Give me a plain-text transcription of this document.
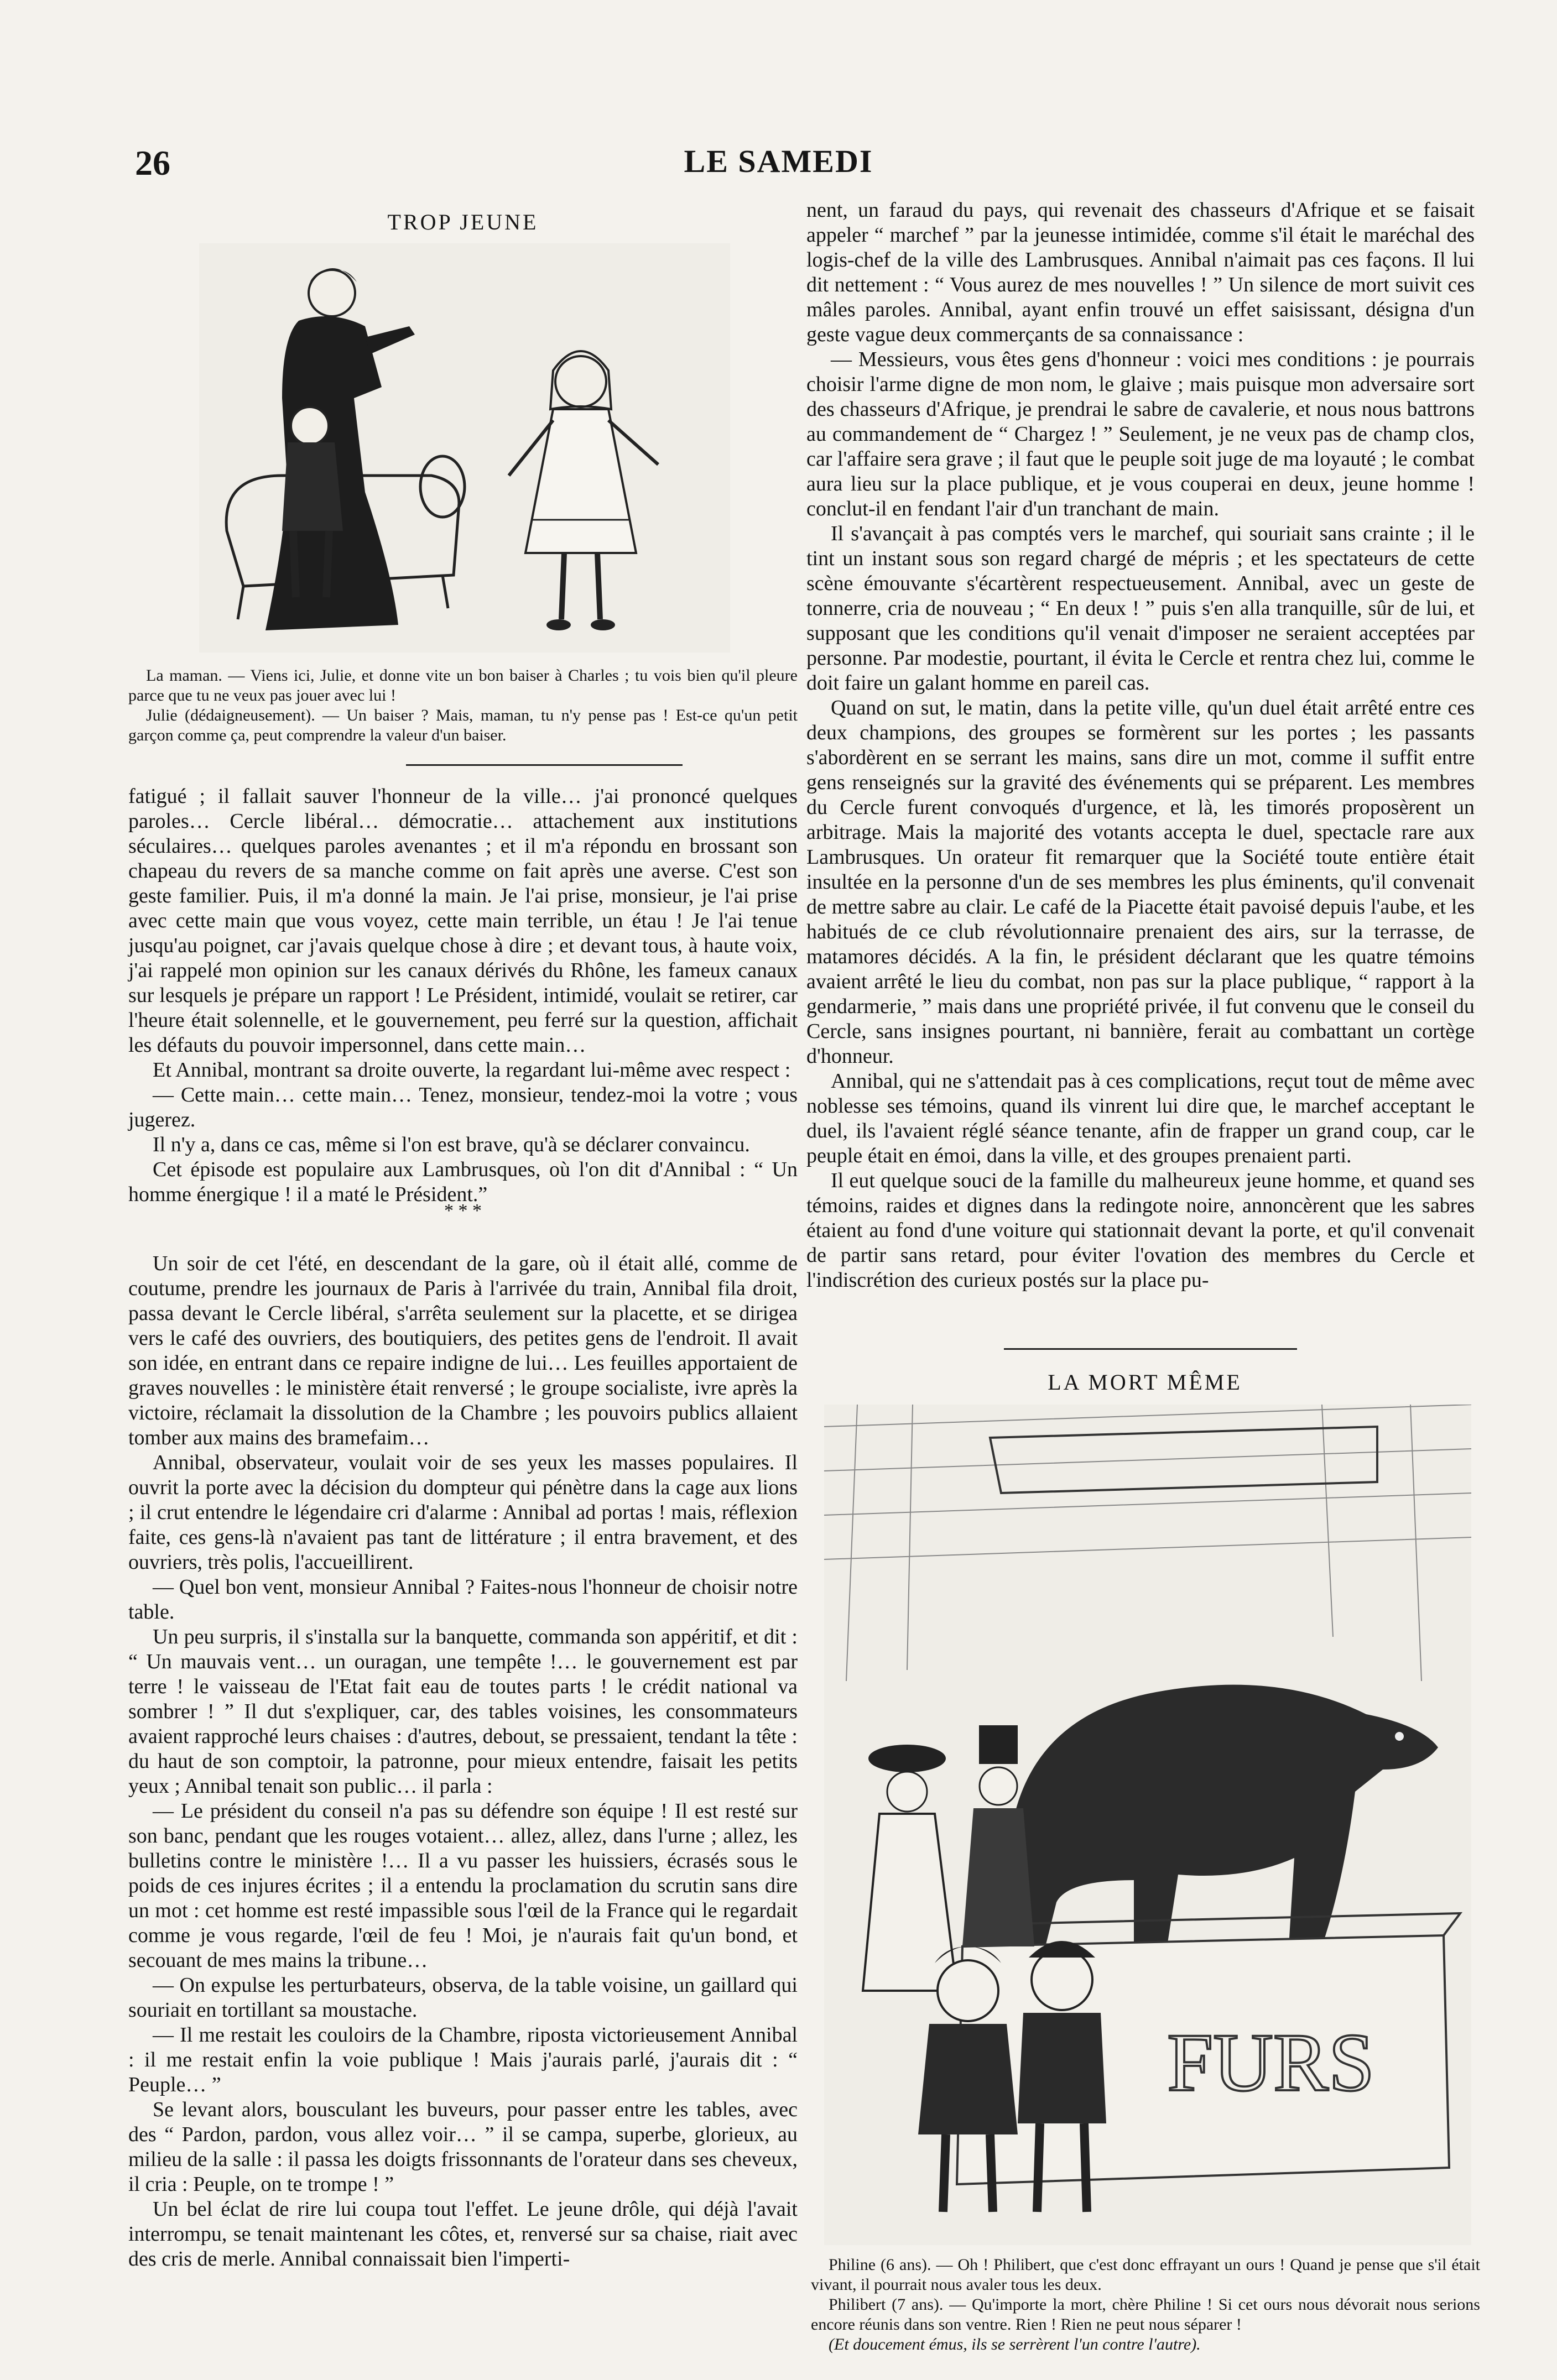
26	LE SAMEDI
TROP JEUNE

La maman. — Viens ici, Julie, et donne vite un bon baiser à Charles ; tu vois bien qu'il pleure parce que tu ne veux pas jouer avec lui !

Julie (dédaigneusement). — Un baiser ? Mais, maman, tu n'y pense pas ! Est-ce qu'un petit garçon comme ça, peut comprendre la valeur d'un baiser.

fatigué ; il fallait sauver l'honneur de la ville… j'ai prononcé quelques paroles… Cercle libéral… démocratie… attachement aux institutions séculaires… quelques paroles avenantes ; et il m'a répondu en brossant son chapeau du revers de sa manche comme on fait après une averse. C'est son geste familier. Puis, il m'a donné la main. Je l'ai prise, monsieur, je l'ai prise avec cette main que vous voyez, cette main terrible, un étau ! Je l'ai tenue jusqu'au poignet, car j'avais quelque chose à dire ; et devant tous, à haute voix, j'ai rappelé mon opinion sur les canaux dérivés du Rhône, les fameux canaux sur lesquels je prépare un rapport ! Le Président, intimidé, voulait se retirer, car l'heure était solennelle, et le gouvernement, peu ferré sur la question, affichait les défauts du pouvoir impersonnel, dans cette main…

Et Annibal, montrant sa droite ouverte, la regardant lui-même avec respect :

— Cette main… cette main… Tenez, monsieur, tendez-moi la votre ; vous jugerez.

Il n'y a, dans ce cas, même si l'on est brave, qu'à se déclarer convaincu.

Cet épisode est populaire aux Lambrusques, où l'on dit d'Annibal : “ Un homme énergique ! il a maté le Président.”

Un soir de cet l'été, en descendant de la gare, où il était allé, comme de coutume, prendre les journaux de Paris à l'arrivée du train, Annibal fila droit, passa devant le Cercle libéral, s'arrêta seulement sur la placette, et se dirigea vers le café des ouvriers, des boutiquiers, des petites gens de l'endroit. Il avait son idée, en entrant dans ce repaire indigne de lui… Les feuilles apportaient de graves nouvelles : le ministère était renversé ; le groupe socialiste, ivre après la victoire, réclamait la dissolution de la Chambre ; les pouvoirs publics allaient tomber aux mains des bramefaim…

Annibal, observateur, voulait voir de ses yeux les masses populaires. Il ouvrit la porte avec la décision du dompteur qui pénètre dans la cage aux lions ; il crut entendre le légendaire cri d'alarme : Annibal ad portas ! mais, réflexion faite, ces gens-là n'avaient pas tant de littérature ; il entra bravement, et des ouvriers, très polis, l'accueillirent.

— Quel bon vent, monsieur Annibal ? Faites-nous l'honneur de choisir notre table.

Un peu surpris, il s'installa sur la banquette, commanda son appéritif, et dit : “ Un mauvais vent… un ouragan, une tempête !… le gouvernement est par terre ! le vaisseau de l'Etat fait eau de toutes parts ! le crédit national va sombrer ! ” Il dut s'expliquer, car, des tables voisines, les consommateurs avaient rapproché leurs chaises : d'autres, debout, se pressaient, tendant la tête : du haut de son comptoir, la patronne, pour mieux entendre, faisait les petits yeux ; Annibal tenait son public… il parla :

— Le président du conseil n'a pas su défendre son équipe ! Il est resté sur son banc, pendant que les rouges votaient… allez, allez, dans l'urne ; allez, les bulletins contre le ministère !… Il a vu passer les huissiers, écrasés sous le poids de ces injures écrites ; il a entendu la proclamation du scrutin sans dire un mot : cet homme est resté impassible sous l'œil de la France qui le regardait comme je vous regarde, l'œil de feu ! Moi, je n'aurais fait qu'un bond, et secouant de mes mains la tribune…

— On expulse les perturbateurs, observa, de la table voisine, un gaillard qui souriait en tortillant sa moustache.

— Il me restait les couloirs de la Chambre, riposta victorieusement Annibal : il me restait enfin la voie publique ! Mais j'aurais parlé, j'aurais dit : “ Peuple… ”

Se levant alors, bousculant les buveurs, pour passer entre les tables, avec des “ Pardon, pardon, vous allez voir… ” il se campa, superbe, glorieux, au milieu de la salle : il passa les doigts frissonnants de l'orateur dans ses cheveux, il cria : Peuple, on te trompe ! ”

Un bel éclat de rire lui coupa tout l'effet. Le jeune drôle, qui déjà l'avait interrompu, se tenait maintenant les côtes, et, renversé sur sa chaise, riait avec des cris de merle. Annibal connaissait bien l'imperti-

* * *

nent, un faraud du pays, qui revenait des chasseurs d'Afrique et se faisait appeler “ marchef ” par la jeunesse intimidée, comme s'il était le maréchal des logis-chef de la ville des Lambrusques. Annibal n'aimait pas ces façons. Il lui dit nettement : “ Vous aurez de mes nouvelles ! ” Un silence de mort suivit ces mâles paroles. Annibal, ayant enfin trouvé un effet saisissant, désigna d'un geste vague deux commerçants de sa connaissance :

— Messieurs, vous êtes gens d'honneur : voici mes conditions : je pourrais choisir l'arme digne de mon nom, le glaive ; mais puisque mon adversaire sort des chasseurs d'Afrique, je prendrai le sabre de cavalerie, et nous nous battrons au commandement de “ Chargez ! ” Seulement, je ne veux pas de champ clos, car l'affaire sera grave ; il faut que le peuple soit juge de ma loyauté ; le combat aura lieu sur la place publique, et je vous couperai en deux, jeune homme ! conclut-il en fendant l'air d'un tranchant de main.

Il s'avançait à pas comptés vers le marchef, qui souriait sans crainte ; il le tint un instant sous son regard chargé de mépris ; et les spectateurs de cette scène émouvante s'écartèrent respectueusement. Annibal, avec un geste de tonnerre, cria de nouveau ; “ En deux ! ” puis s'en alla tranquille, sûr de lui, et supposant que les conditions qu'il venait d'imposer ne seraient acceptées par personne. Par modestie, pourtant, il évita le Cercle et rentra chez lui, comme le doit faire un galant homme en pareil cas.

Quand on sut, le matin, dans la petite ville, qu'un duel était arrêté entre ces deux champions, des groupes se formèrent sur les portes ; les passants s'abordèrent en se serrant les mains, sans dire un mot, comme il suffit entre gens renseignés sur la gravité des événements qui se préparent. Les membres du Cercle furent convoqués d'urgence, et là, les timorés proposèrent un arbitrage. Mais la majorité des votants accepta le duel, spectacle rare aux Lambrusques. Un orateur fit remarquer que la Société toute entière était insultée en la personne d'un de ses membres les plus éminents, qu'il convenait de mettre sabre au clair. Le café de la Piacette était pavoisé depuis l'aube, et les habitués de ce club révolutionnaire prenaient des airs, sur la terrasse, de matamores décidés. A la fin, le président déclarant que les quatre témoins avaient arrêté le lieu du combat, non pas sur la place publique, “ rapport à la gendarmerie, ” mais dans une propriété privée, il fut convenu que le conseil du Cercle, sans insignes pourtant, ni bannière, ferait au combattant un cortège d'honneur.

Annibal, qui ne s'attendait pas à ces complications, reçut tout de même avec noblesse ses témoins, quand ils vinrent lui dire que, le marchef acceptant le duel, ils l'avaient réglé séance tenante, afin de frapper un grand coup, car le peuple était en émoi, dans la ville, et des groupes prenaient parti.

Il eut quelque souci de la famille du malheureux jeune homme, et quand ses témoins, raides et dignes dans la redingote noire, annoncèrent que les sabres étaient au fond d'une voiture qui stationnait devant la porte, et qu'il convenait de partir sans retard, pour éviter l'ovation des membres du Cercle et l'indiscrétion des curieux postés sur la place pu-

LA MORT MÊME
FURS

Philine (6 ans). — Oh ! Philibert, que c'est donc effrayant un ours ! Quand je pense que s'il était vivant, il pourrait nous avaler tous les deux.

Philibert (7 ans). — Qu'importe la mort, chère Philine ! Si cet ours nous dévorait nous serions encore réunis dans son ventre. Rien ! Rien ne peut nous séparer !

(Et doucement émus, ils se serrèrent l'un contre l'autre).
